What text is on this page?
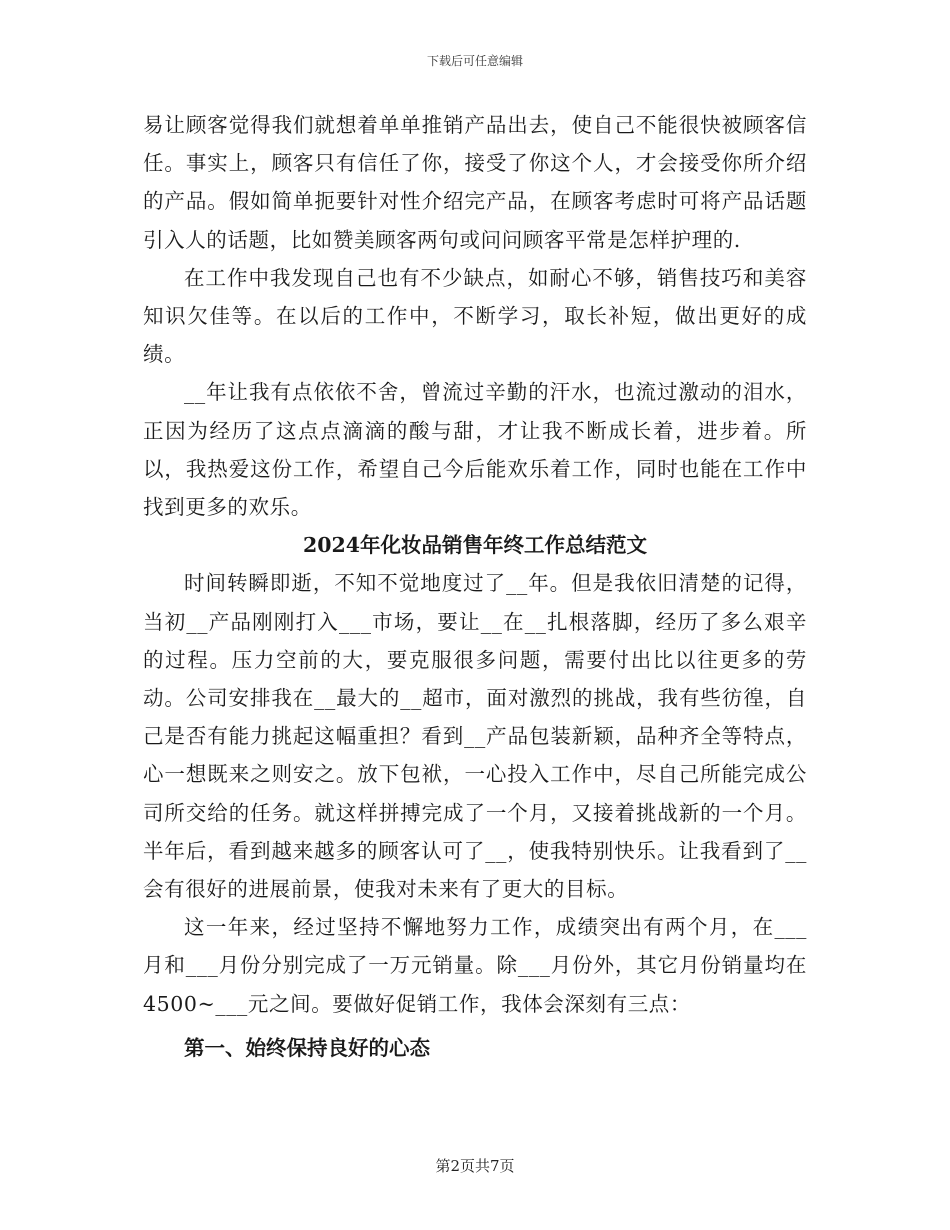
下载后可任意编辑

易让顾客觉得我们就想着单单推销产品出去，使自己不能很快被顾客信任。事实上，顾客只有信任了你，接受了你这个人，才会接受你所介绍的产品。假如简单扼要针对性介绍完产品，在顾客考虑时可将产品话题引入人的话题，比如赞美顾客两句或问问顾客平常是怎样护理的.

在工作中我发现自己也有不少缺点，如耐心不够，销售技巧和美容知识欠佳等。在以后的工作中，不断学习，取长补短，做出更好的成绩。

__年让我有点依依不舍，曾流过辛勤的汗水，也流过激动的泪水，正因为经历了这点点滴滴的酸与甜，才让我不断成长着，进步着。所以，我热爱这份工作，希望自己今后能欢乐着工作，同时也能在工作中找到更多的欢乐。

2024年化妆品销售年终工作总结范文

时间转瞬即逝，不知不觉地度过了__年。但是我依旧清楚的记得，当初__产品刚刚打入___市场，要让__在__扎根落脚，经历了多么艰辛的过程。压力空前的大，要克服很多问题，需要付出比以往更多的劳动。公司安排我在__最大的__超市，面对激烈的挑战，我有些彷徨，自己是否有能力挑起这幅重担？看到__产品包装新颖，品种齐全等特点，心一想既来之则安之。放下包袱，一心投入工作中，尽自己所能完成公司所交给的任务。就这样拼搏完成了一个月，又接着挑战新的一个月。半年后，看到越来越多的顾客认可了__，使我特别快乐。让我看到了__会有很好的进展前景，使我对未来有了更大的目标。

这一年来，经过坚持不懈地努力工作，成绩突出有两个月，在___月和___月份分别完成了一万元销量。除___月份外，其它月份销量均在4500~___元之间。要做好促销工作，我体会深刻有三点：

第一、始终保持良好的心态

第2页共7页
